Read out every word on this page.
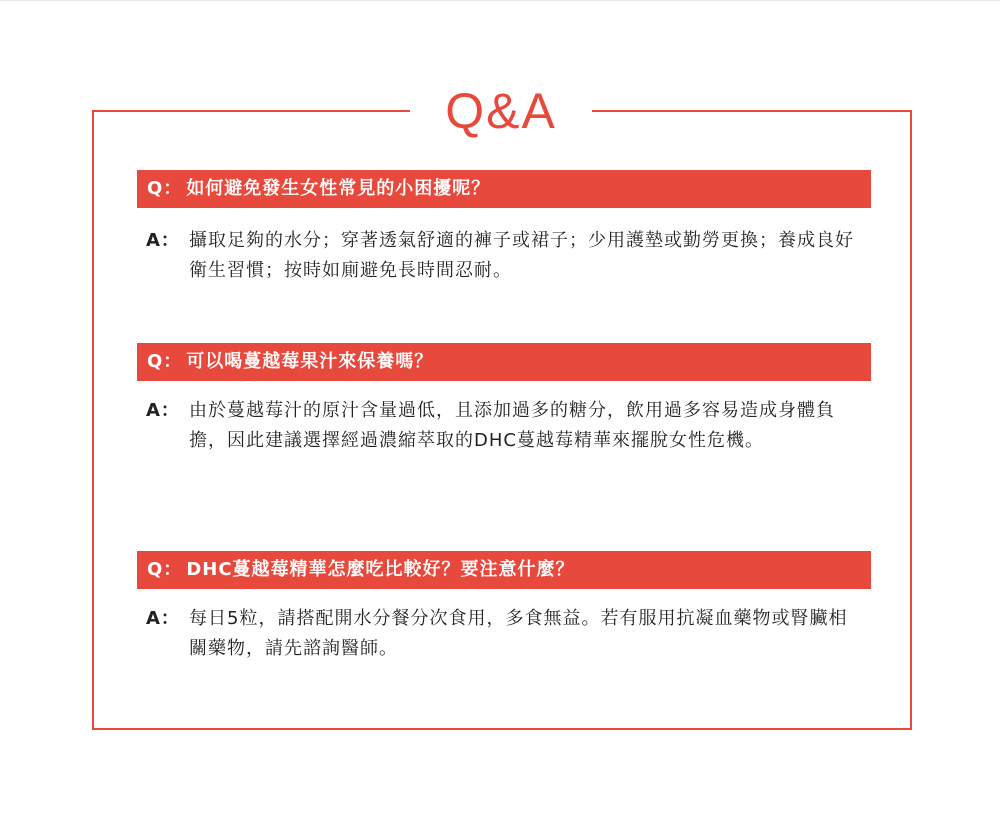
Q&A
Q： 如何避免發生女性常見的小困擾呢？
A： 攝取足夠的水分；穿著透氣舒適的褲子或裙子；少用護墊或勤勞更換；養成良好衛生習慣；按時如廁避免長時間忍耐。
Q： 可以喝蔓越莓果汁來保養嗎？
A： 由於蔓越莓汁的原汁含量過低，且添加過多的糖分，飲用過多容易造成身體負擔，因此建議選擇經過濃縮萃取的DHC蔓越莓精華來擺脫女性危機。
Q： DHC蔓越莓精華怎麼吃比較好？要注意什麼？
A： 每日5粒，請搭配開水分餐分次食用，多食無益。若有服用抗凝血藥物或腎臟相關藥物，請先諮詢醫師。
